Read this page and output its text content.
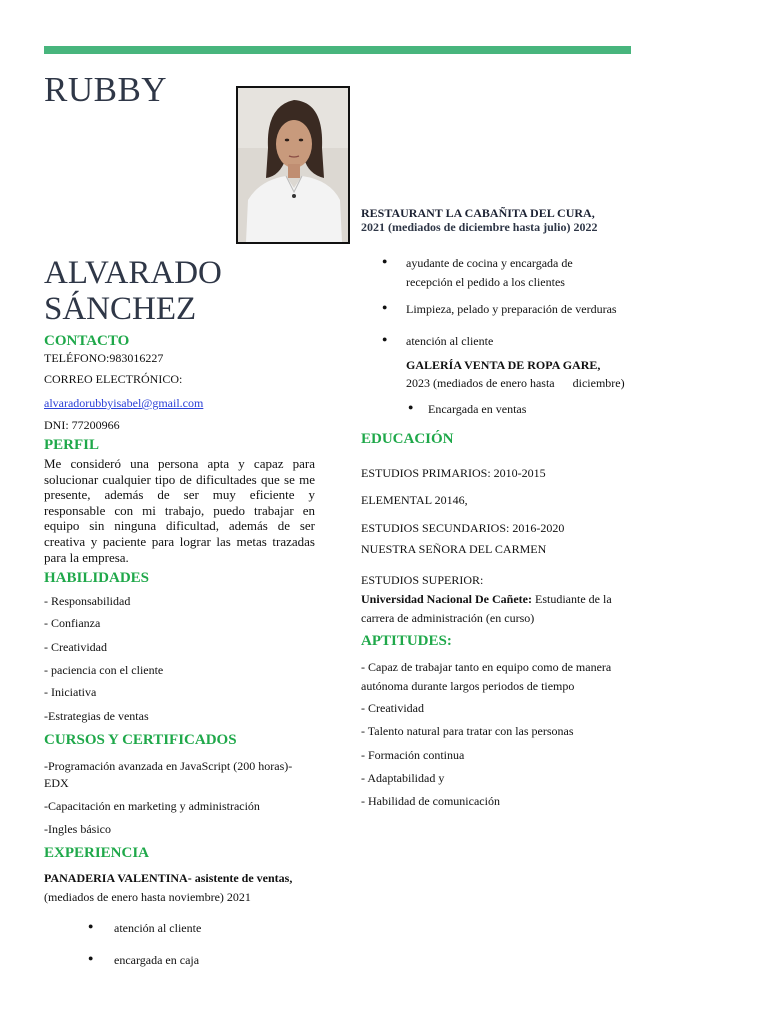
RUBBY
ALVARADO
SÁNCHEZ
CONTACTO
TELÉFONO:983016227
CORREO ELECTRÓNICO:
alvaradorubbyisabel@gmail.com
DNI: 77200966
PERFIL
Me consideró una persona apta y capaz para solucionar cualquier tipo de dificultades que se me presente, además de ser muy eficiente y responsable con mi trabajo, puedo trabajar en equipo sin ninguna dificultad, además de ser creativa y paciente para lograr las metas trazadas para la empresa.
HABILIDADES
- Responsabilidad
- Confianza
- Creatividad
- paciencia con el cliente
- Iniciativa
-Estrategias de ventas
CURSOS Y CERTIFICADOS
-Programación avanzada en JavaScript (200 horas)-
EDX
-Capacitación en marketing y administración
-Ingles básico
EXPERIENCIA
PANADERIA VALENTINA- asistente de ventas,
(mediados de enero hasta noviembre) 2021
● atención al cliente
● encargada en caja
RESTAURANT LA CABAÑITA DEL CURA,
2021 (mediados de diciembre hasta julio) 2022
● ayudante de cocina y encargada de
recepción el pedido a los clientes
● Limpieza, pelado y preparación de verduras
● atención al cliente
GALERÍA VENTA DE ROPA GARE,
2023 (mediados de enero hasta      diciembre)
● Encargada en ventas
EDUCACIÓN
ESTUDIOS PRIMARIOS: 2010-2015
ELEMENTAL 20146,
ESTUDIOS SECUNDARIOS: 2016-2020
NUESTRA SEÑORA DEL CARMEN
ESTUDIOS SUPERIOR:
Universidad Nacional De Cañete: Estudiante de la
carrera de administración (en curso)
APTITUDES:
- Capaz de trabajar tanto en equipo como de manera
autónoma durante largos periodos de tiempo
- Creatividad
- Talento natural para tratar con las personas
- Formación continua
- Adaptabilidad y
- Habilidad de comunicación
